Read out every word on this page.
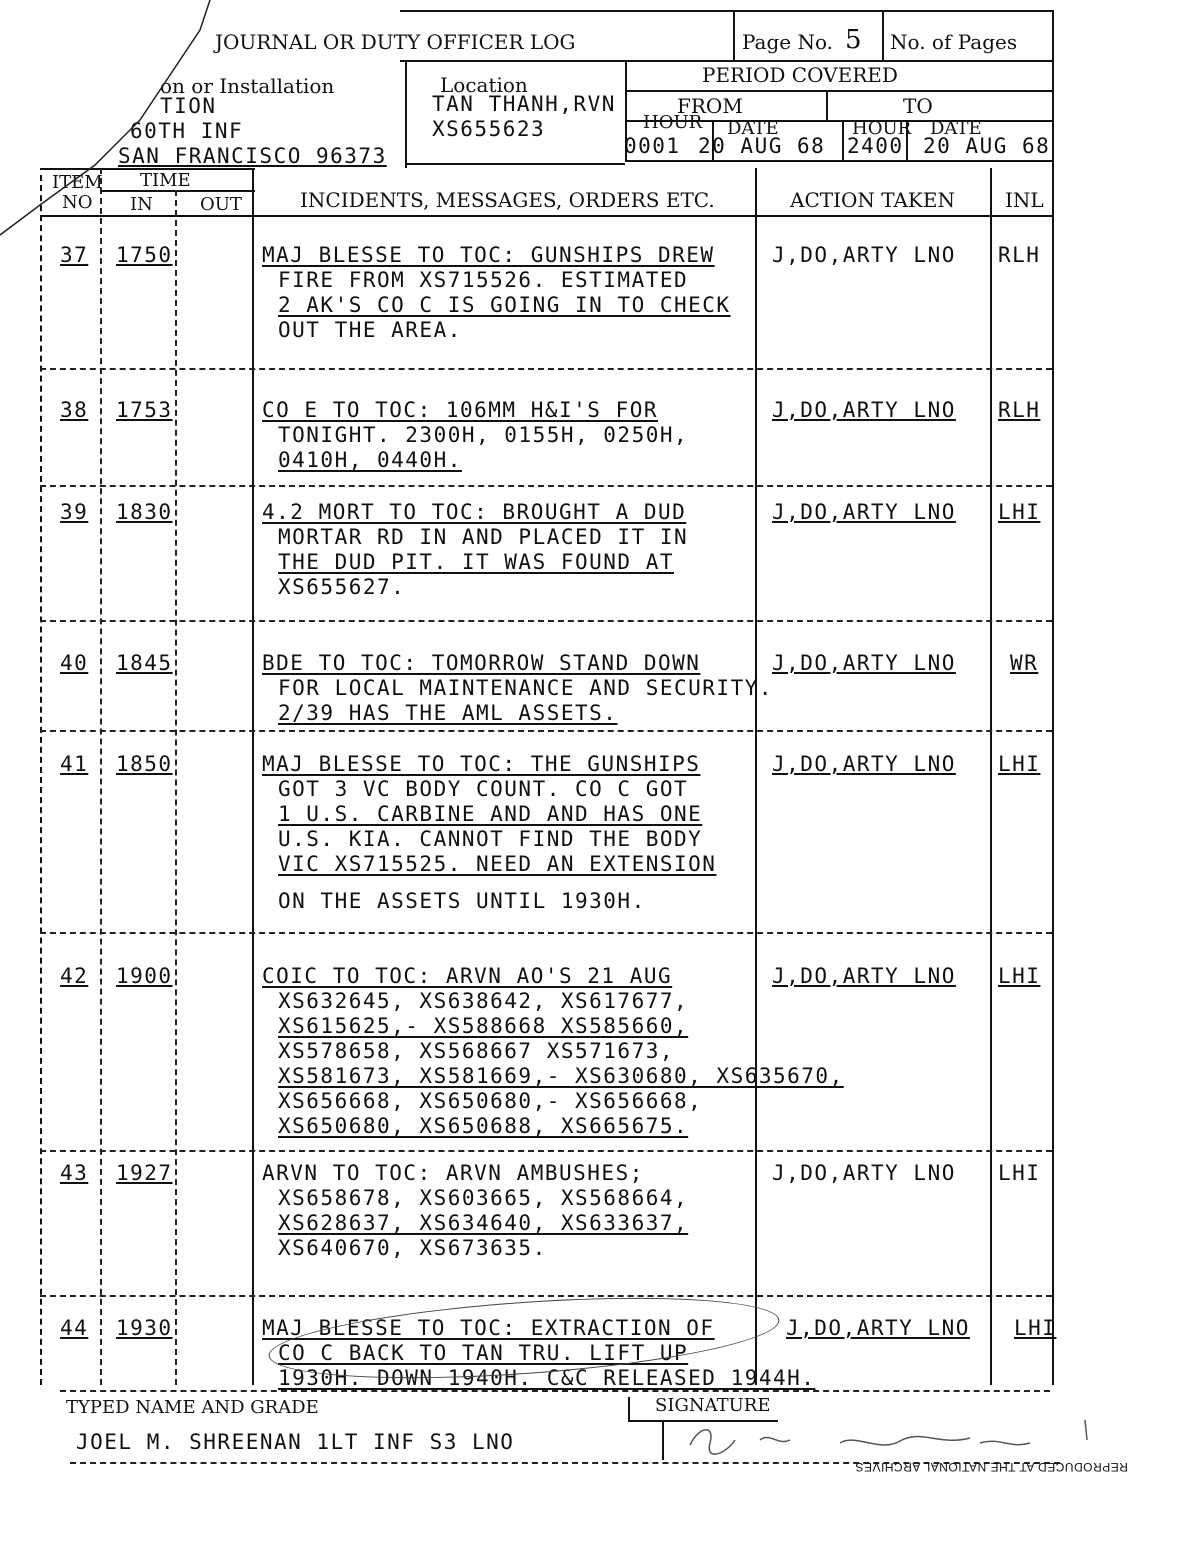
JOURNAL OR DUTY OFFICER LOG	Page No. 5 No. of Pages
on or Installation
TION
60TH INF
SAN FRANCISCO 96373
Location
TAN THANH,RVN
XS655623
PERIOD COVERED
FROM	TO
HOUR DATE	HOUR DATE
0001 20 AUG 68 2400 20 AUG 68
ITEM
NO
TIME
IN	OUT	INCIDENTS, MESSAGES, ORDERS ETC.	ACTION TAKEN	INL
37 1750	MAJ BLESSE TO TOC: GUNSHIPS DREW
FIRE FROM XS715526. ESTIMATED
2 AK'S CO C IS GOING IN TO CHECK
OUT THE AREA.
J,DO,ARTY LNO RLH
38 1753	CO E TO TOC: 106MM H&I'S FOR
TONIGHT. 2300H, 0155H, 0250H,
0410H, 0440H.
J,DO,ARTY LNO RLH
39 1830	4.2 MORT TO TOC: BROUGHT A DUD
MORTAR RD IN AND PLACED IT IN
THE DUD PIT. IT WAS FOUND AT
XS655627.
J,DO,ARTY LNO LHI
40 1845	BDE TO TOC: TOMORROW STAND DOWN
FOR LOCAL MAINTENANCE AND SECURITY.
2/39 HAS THE AML ASSETS.
J,DO,ARTY LNO	WR
41 1850	MAJ BLESSE TO TOC: THE GUNSHIPS
GOT 3 VC BODY COUNT. CO C GOT
1 U.S. CARBINE AND AND HAS ONE
U.S. KIA. CANNOT FIND THE BODY
VIC XS715525. NEED AN EXTENSION
ON THE ASSETS UNTIL 1930H.
J,DO,ARTY LNO LHI
42 1900	COIC TO TOC: ARVN AO'S 21 AUG
XS632645, XS638642, XS617677,
XS615625,- XS588668 XS585660,
XS578658, XS568667 XS571673,
XS581673, XS581669,- XS630680, XS635670,
XS656668, XS650680,- XS656668,
XS650680, XS650688, XS665675.
J,DO,ARTY LNO LHI
43 1927	ARVN TO TOC: ARVN AMBUSHES;
XS658678, XS603665, XS568664,
XS628637, XS634640, XS633637,
XS640670, XS673635.
J,DO,ARTY LNO LHI
44 1930	MAJ BLESSE TO TOC: EXTRACTION OF
CO C BACK TO TAN TRU. LIFT UP
1930H. DOWN 1940H. C&C RELEASED 1944H.
J,DO,ARTY LNO LHI
TYPED NAME AND GRADE
JOEL M. SHREENAN 1LT INF S3 LNO
SIGNATURE
REPRODUCED AT THE NATIONAL ARCHIVES
